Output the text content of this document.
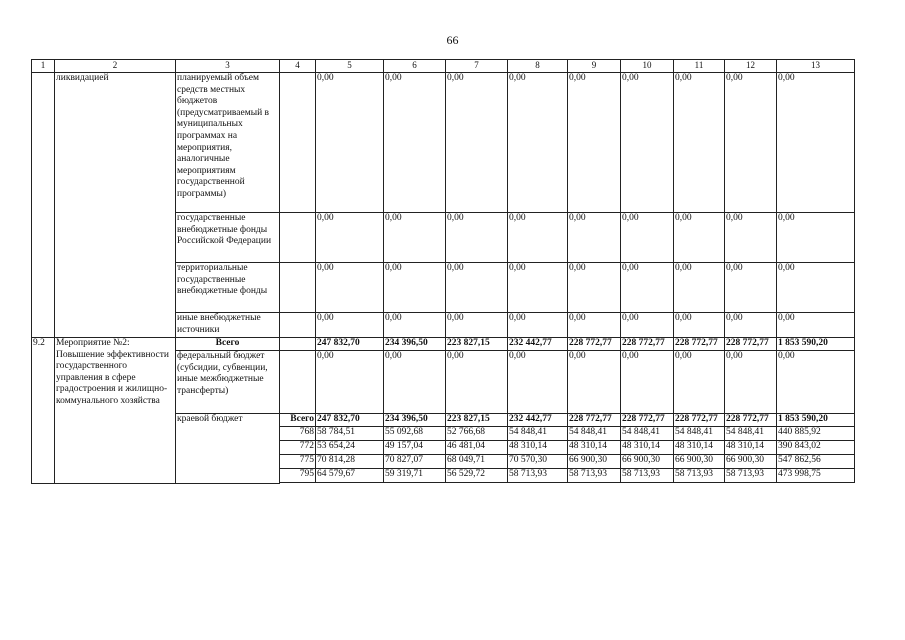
66
1	2	3	4	5	6	7	8	9	10	11	12	13
	ликвидацией	планируемый объем средств местных бюджетов (предусматриваемый в муниципальных программах на мероприятия, аналогичные мероприятиям государственной программы)		0,00	0,00	0,00	0,00	0,00	0,00	0,00	0,00	0,00
		государственные внебюджетные фонды Российской Федерации		0,00	0,00	0,00	0,00	0,00	0,00	0,00	0,00	0,00
		территориальные государственные внебюджетные фонды		0,00	0,00	0,00	0,00	0,00	0,00	0,00	0,00	0,00
		иные внебюджетные источники		0,00	0,00	0,00	0,00	0,00	0,00	0,00	0,00	0,00
9.2	Мероприятие №2: Повышение эффективности государственного управления в сфере градостроения и жилищно-коммунального хозяйства	Всего		247 832,70	234 396,50	223 827,15	232 442,77	228 772,77	228 772,77	228 772,77	228 772,77	1 853 590,20
		федеральный бюджет (субсидии, субвенции, иные межбюджетные трансферты)		0,00	0,00	0,00	0,00	0,00	0,00	0,00	0,00	0,00
		краевой бюджет	Всего	247 832,70	234 396,50	223 827,15	232 442,77	228 772,77	228 772,77	228 772,77	228 772,77	1 853 590,20
			768	58 784,51	55 092,68	52 766,68	54 848,41	54 848,41	54 848,41	54 848,41	54 848,41	440 885,92
			772	53 654,24	49 157,04	46 481,04	48 310,14	48 310,14	48 310,14	48 310,14	48 310,14	390 843,02
			775	70 814,28	70 827,07	68 049,71	70 570,30	66 900,30	66 900,30	66 900,30	66 900,30	547 862,56
			795	64 579,67	59 319,71	56 529,72	58 713,93	58 713,93	58 713,93	58 713,93	58 713,93	473 998,75
